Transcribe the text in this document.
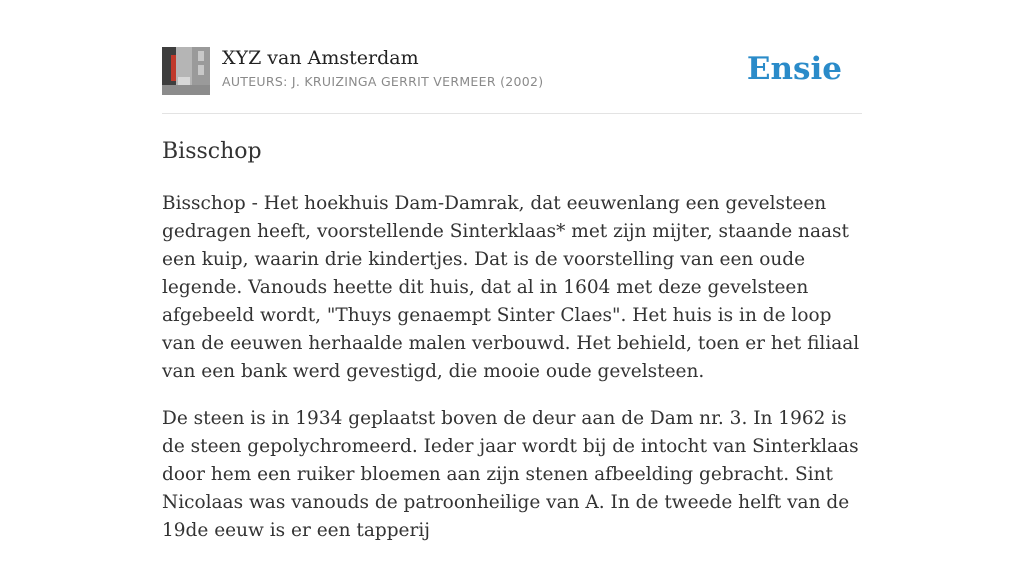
XYZ van Amsterdam
AUTEURS: J. KRUIZINGA GERRIT VERMEER (2002)	Ensie
Bisschop

Bisschop - Het hoekhuis Dam-Damrak, dat eeuwenlang een gevelsteen gedragen heeft, voorstellende Sinterklaas* met zijn mijter, staande naast een kuip, waarin drie kindertjes. Dat is de voorstelling van een oude legende. Vanouds heette dit huis, dat al in 1604 met deze gevelsteen afgebeeld wordt, "Thuys genaempt Sinter Claes". Het huis is in de loop van de eeuwen herhaalde malen verbouwd. Het behield, toen er het filiaal van een bank werd gevestigd, die mooie oude gevelsteen.

De steen is in 1934 geplaatst boven de deur aan de Dam nr. 3. In 1962 is de steen gepolychromeerd. Ieder jaar wordt bij de intocht van Sinterklaas door hem een ruiker bloemen aan zijn stenen afbeelding gebracht. Sint Nicolaas was vanouds de patroonheilige van A. In de tweede helft van de 19de eeuw is er een tapperij
